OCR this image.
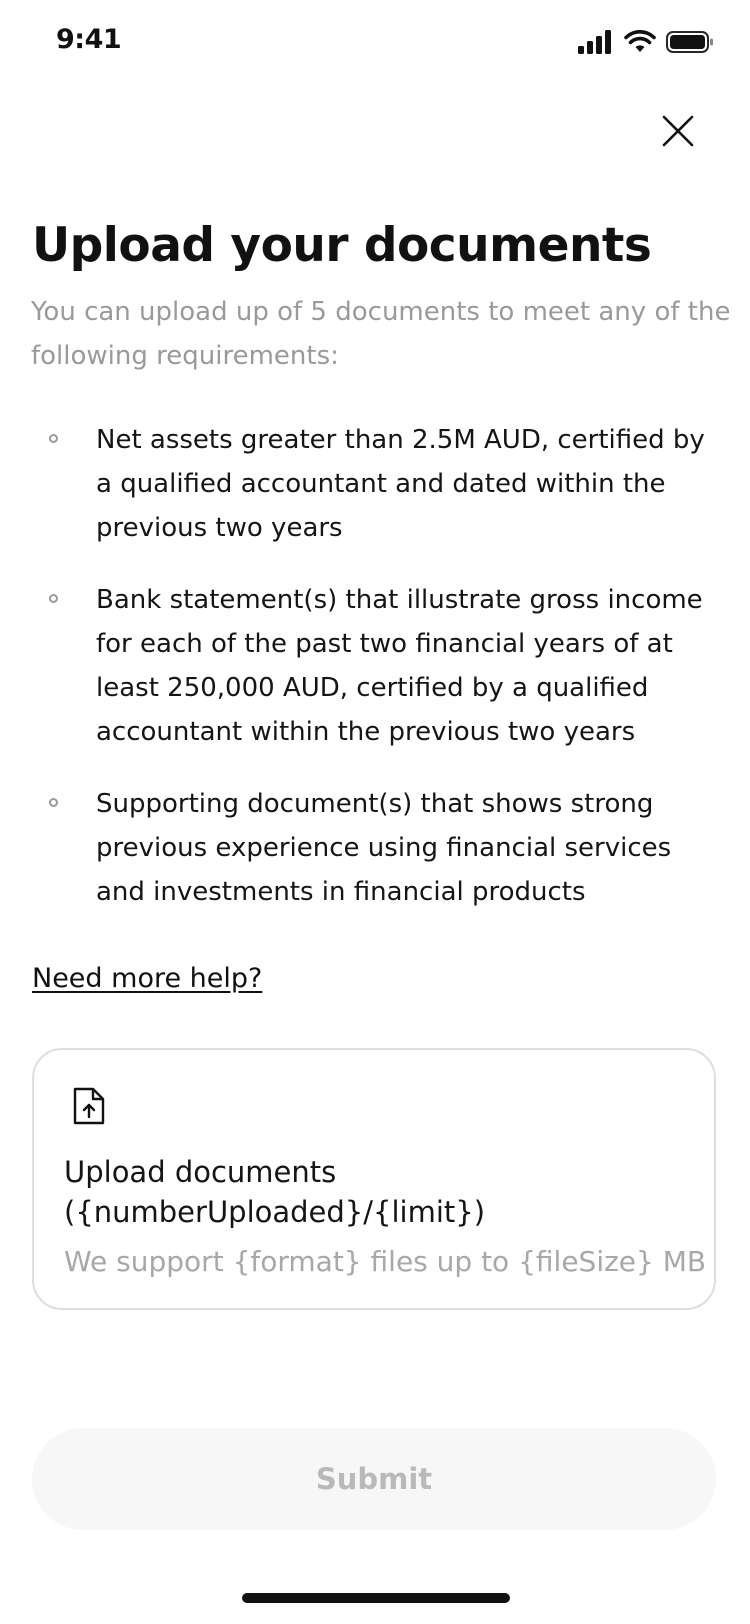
9:41
Upload your documents

You can upload up of 5 documents to meet any of the following requirements:

Net assets greater than 2.5M AUD, certified by a qualified accountant and dated within the previous two years
Bank statement(s) that illustrate gross income for each of the past two financial years of at least 250,000 AUD, certified by a qualified accountant within the previous two years
Supporting document(s) that shows strong previous experience using financial services and investments in financial products
Need more help?
Upload documents ({numberUploaded}/{limit})
We support {format} files up to {fileSize} MB
Submit
